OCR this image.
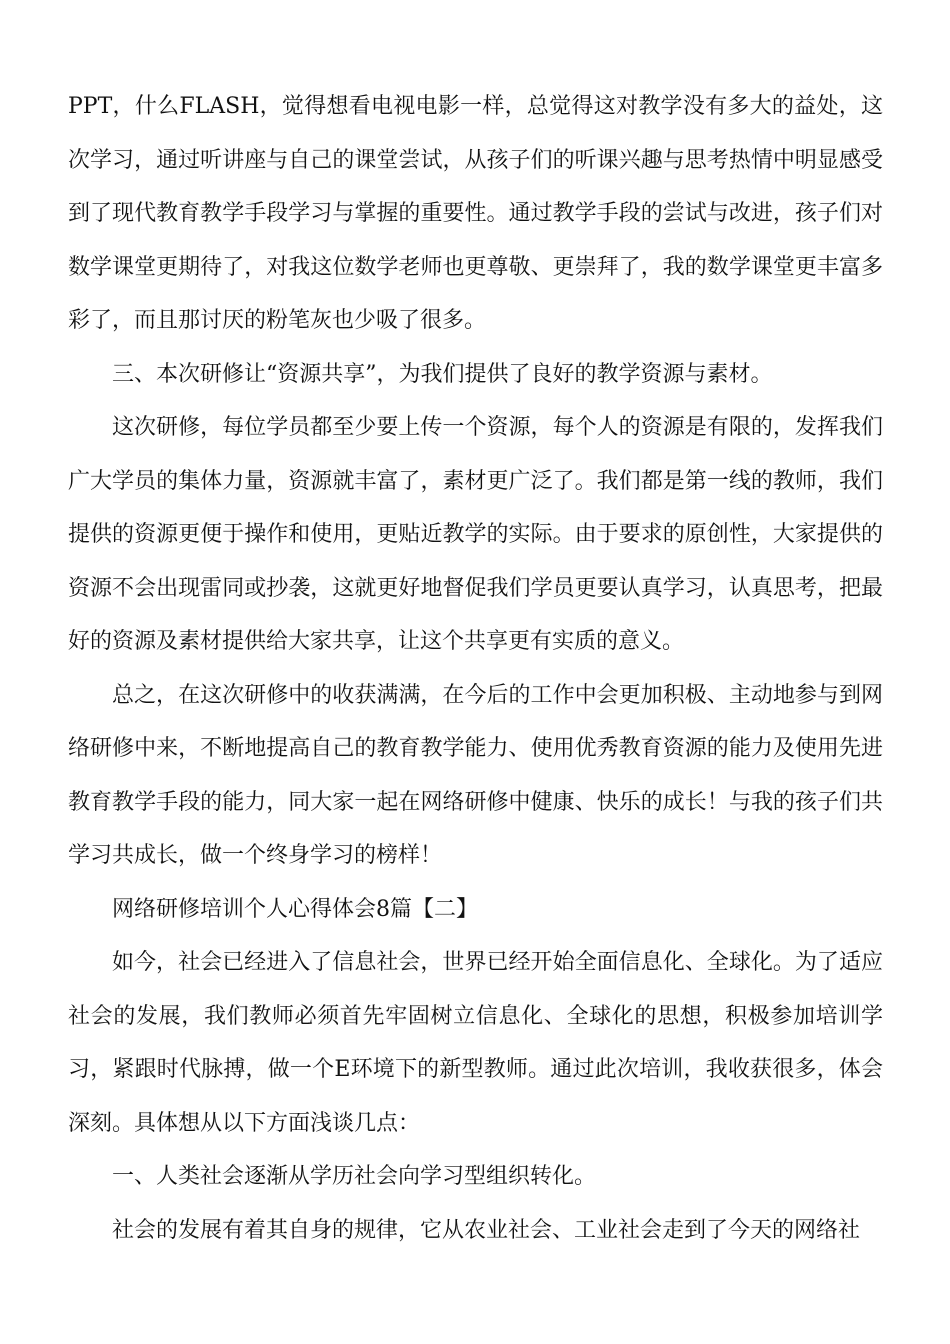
PPT，什么FLASH，觉得想看电视电影一样，总觉得这对教学没有多大的益处，这次学习，通过听讲座与自己的课堂尝试，从孩子们的听课兴趣与思考热情中明显感受到了现代教育教学手段学习与掌握的重要性。通过教学手段的尝试与改进，孩子们对数学课堂更期待了，对我这位数学老师也更尊敬、更崇拜了，我的数学课堂更丰富多彩了，而且那讨厌的粉笔灰也少吸了很多。

三、本次研修让“资源共享”，为我们提供了良好的教学资源与素材。

这次研修，每位学员都至少要上传一个资源，每个人的资源是有限的，发挥我们广大学员的集体力量，资源就丰富了，素材更广泛了。我们都是第一线的教师，我们提供的资源更便于操作和使用，更贴近教学的实际。由于要求的原创性，大家提供的资源不会出现雷同或抄袭，这就更好地督促我们学员更要认真学习，认真思考，把最好的资源及素材提供给大家共享，让这个共享更有实质的意义。

总之，在这次研修中的收获满满，在今后的工作中会更加积极、主动地参与到网络研修中来，不断地提高自己的教育教学能力、使用优秀教育资源的能力及使用先进教育教学手段的能力，同大家一起在网络研修中健康、快乐的成长！与我的孩子们共学习共成长，做一个终身学习的榜样！

网络研修培训个人心得体会8篇【二】

如今，社会已经进入了信息社会，世界已经开始全面信息化、全球化。为了适应社会的发展，我们教师必须首先牢固树立信息化、全球化的思想，积极参加培训学习，紧跟时代脉搏，做一个E环境下的新型教师。通过此次培训，我收获很多，体会深刻。具体想从以下方面浅谈几点：

一、人类社会逐渐从学历社会向学习型组织转化。

社会的发展有着其自身的规律，它从农业社会、工业社会走到了今天的网络社
